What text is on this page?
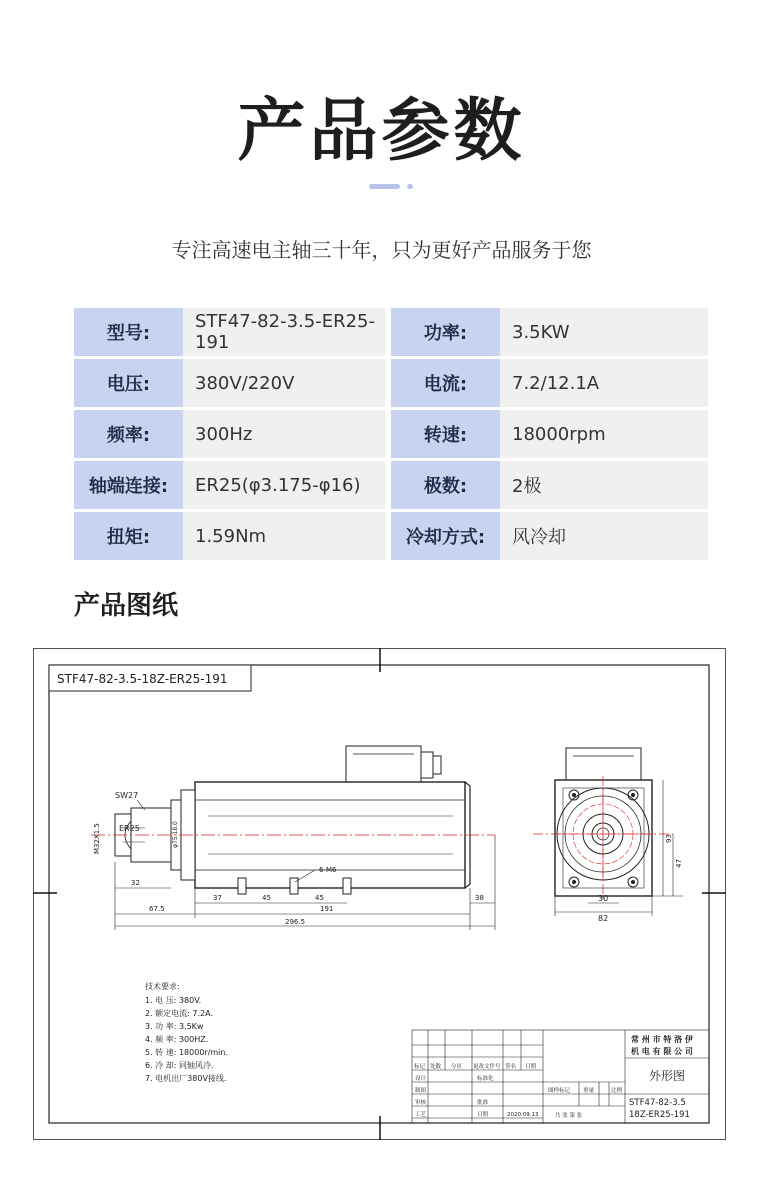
产品参数
专注高速电主轴三十年，只为更好产品服务于您
型号:	STF47-82-3.5-ER25-191	功率:	3.5KW
电压:	380V/220V	电流:	7.2/12.1A
频率:	300Hz	转速:	18000rpm
轴端连接:	ER25(φ3.175-φ16)	极数:	2极
扭矩:	1.59Nm	冷却方式:	风冷却
产品图纸
STF47-82-3.5-18Z-ER25-191
SW27
ER25
M32X1.5	φ75.18.0
6-M6
32
37	45	45
67.5	191
38
296.5
30
82
93
47
技术要求:
1. 电 压: 380V.
2. 额定电流: 7.2A.
3. 功 率: 3.5Kw
4. 频 率: 300HZ.
5. 转 速: 18000r/min.
6. 冷 却: 同轴风冷.
7. 电机出厂380V接线.
标记 处数 分区 更改文件号 签名 日期
设计	标准化
制图
审核	批准
工艺	日期	2020.09.13
图样标记 重量	比例
共 张 第 张
常 州 市 特 洛 伊
机 电 有 限 公 司
外形图
STF47-82-3.5
18Z-ER25-191
